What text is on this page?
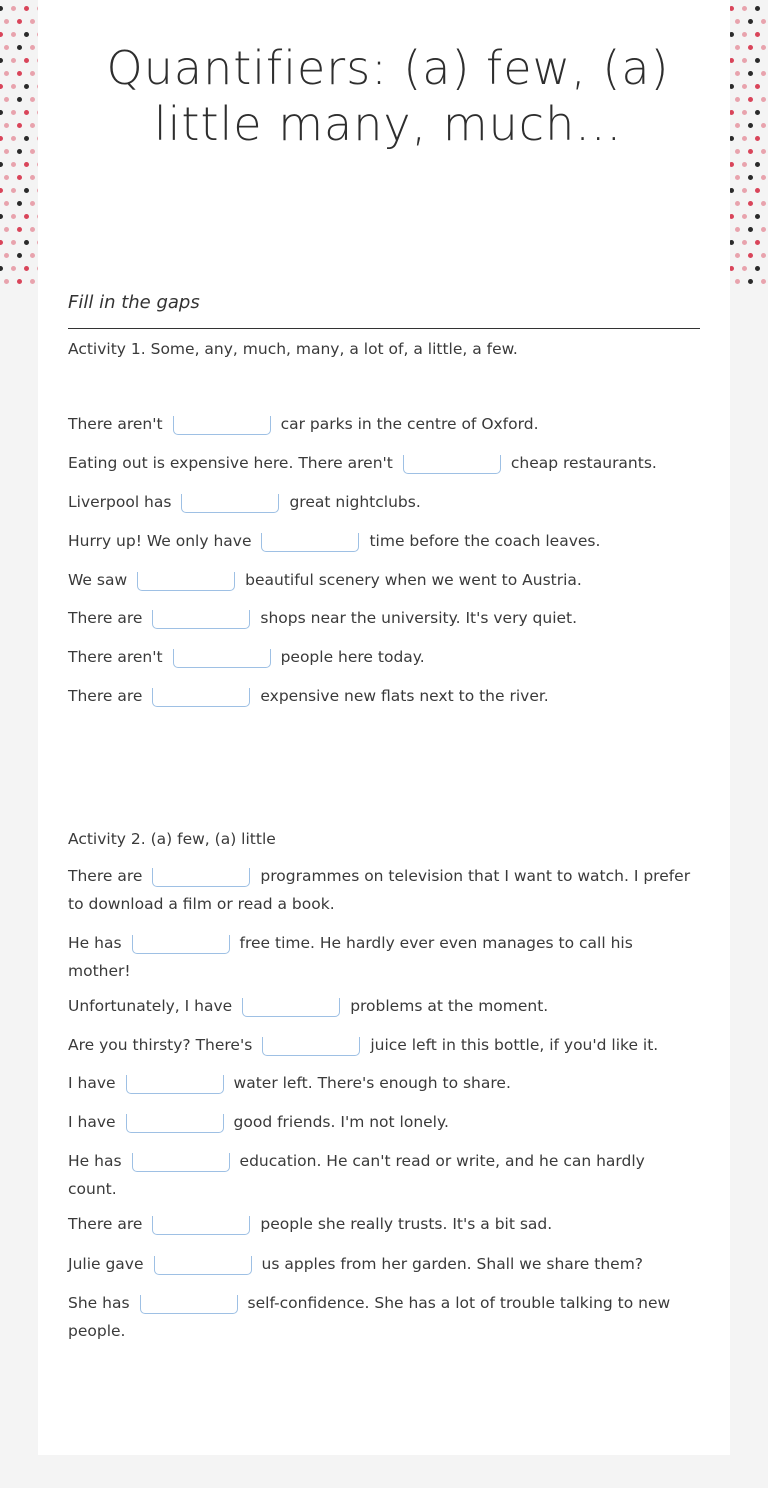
Quantifiers: (a) few, (a) little many, much...
Fill in the gaps
Activity 1. Some, any, much, many, a lot of, a little, a few.
There aren't	car parks in the centre of Oxford.
Eating out is expensive here. There aren't	cheap restaurants.
Liverpool has	great nightclubs.
Hurry up! We only have	time before the coach leaves.
We saw	beautiful scenery when we went to Austria.
There are	shops near the university. It's very quiet.
There aren't	people here today.
There are	expensive new flats next to the river.
Activity 2. (a) few, (a) little
There are	programmes on television that I want to watch. I prefer to download a film or read a book.
He has	free time. He hardly ever even manages to call his mother!
Unfortunately, I have	problems at the moment.
Are you thirsty? There's	juice left in this bottle, if you'd like it.
I have	water left. There's enough to share.
I have	good friends. I'm not lonely.
He has	education. He can't read or write, and he can hardly count.
There are	people she really trusts. It's a bit sad.
Julie gave	us apples from her garden. Shall we share them?
She has	self-confidence. She has a lot of trouble talking to new people.
